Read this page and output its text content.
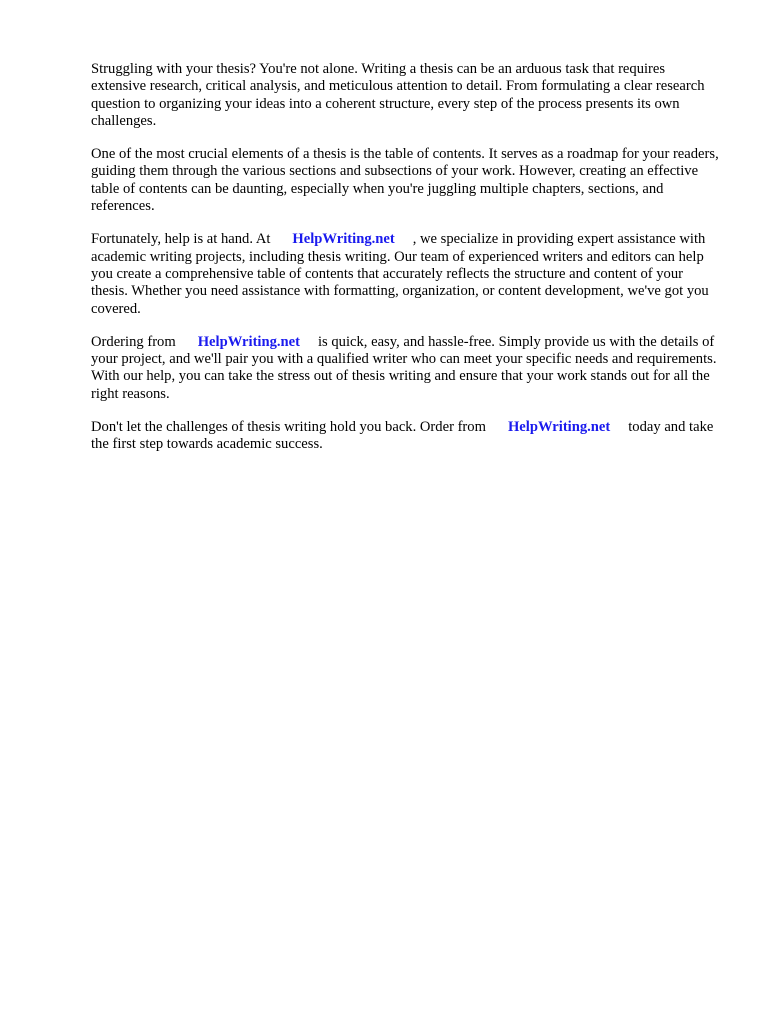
Struggling with your thesis? You're not alone. Writing a thesis can be an arduous task that requires extensive research, critical analysis, and meticulous attention to detail. From formulating a clear research question to organizing your ideas into a coherent structure, every step of the process presents its own challenges.

One of the most crucial elements of a thesis is the table of contents. It serves as a roadmap for your readers, guiding them through the various sections and subsections of your work. However, creating an effective table of contents can be daunting, especially when you're juggling multiple chapters, sections, and references.

Fortunately, help is at hand. At HelpWriting.net , we specialize in providing expert assistance with academic writing projects, including thesis writing. Our team of experienced writers and editors can help you create a comprehensive table of contents that accurately reflects the structure and content of your thesis. Whether you need assistance with formatting, organization, or content development, we've got you covered.

Ordering from HelpWriting.net is quick, easy, and hassle-free. Simply provide us with the details of your project, and we'll pair you with a qualified writer who can meet your specific needs and requirements. With our help, you can take the stress out of thesis writing and ensure that your work stands out for all the right reasons.

Don't let the challenges of thesis writing hold you back. Order from HelpWriting.net today and take the first step towards academic success.
